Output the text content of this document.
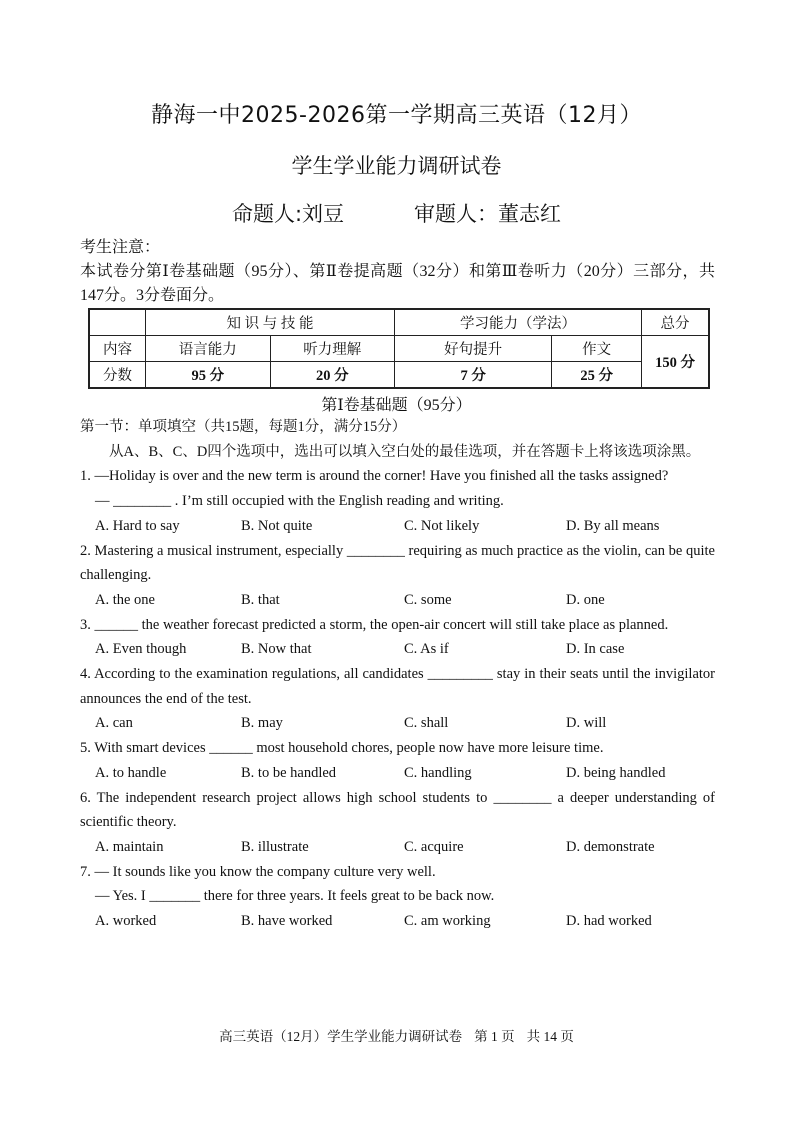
静海一中2025-2026第一学期高三英语（12月）
学生学业能力调研试卷
命题人:刘豆	审题人：董志红
考生注意：
本试卷分第Ⅰ卷基础题（95分）、第Ⅱ卷提高题（32分）和第Ⅲ卷听力（20分）三部分，共147分。3分卷面分。
	知 识 与 技 能		学习能力（学法）		总分
内容	语言能力	听力理解	好句提升	作文	150 分
分数	95 分	20 分	7 分	25 分	
第Ⅰ卷基础题（95分）
第一节：单项填空（共15题，每题1分，满分15分）
从A、B、C、D四个选项中，选出可以填入空白处的最佳选项，并在答题卡上将该选项涂黑。
1. —Holiday is over and the new term is around the corner! Have you finished all the tasks assigned?
— ________ . I’m still occupied with the English reading and writing.
A. Hard to say	B. Not quite	C. Not likely	D. By all means
2. Mastering a musical instrument, especially ________ requiring as much practice as the violin, can be quite challenging.
A. the one	B. that	C. some	D. one
3. ______ the weather forecast predicted a storm, the open-air concert will still take place as planned.
A. Even though	B. Now that	C. As if	D. In case
4. According to the examination regulations, all candidates _________ stay in their seats until the invigilator announces the end of the test.
A. can	B. may	C. shall	D. will
5. With smart devices ______ most household chores, people now have more leisure time.
A. to handle	B. to be handled	C. handling	D. being handled
6. The independent research project allows high school students to ________ a deeper understanding of scientific theory.
A. maintain	B. illustrate	C. acquire	D. demonstrate
7. — It sounds like you know the company culture very well.
— Yes. I _______ there for three years. It feels great to be back now.
A. worked	B. have worked	C. am working	D. had worked
高三英语（12月）学生学业能力调研试卷 第 1 页 共 14 页
